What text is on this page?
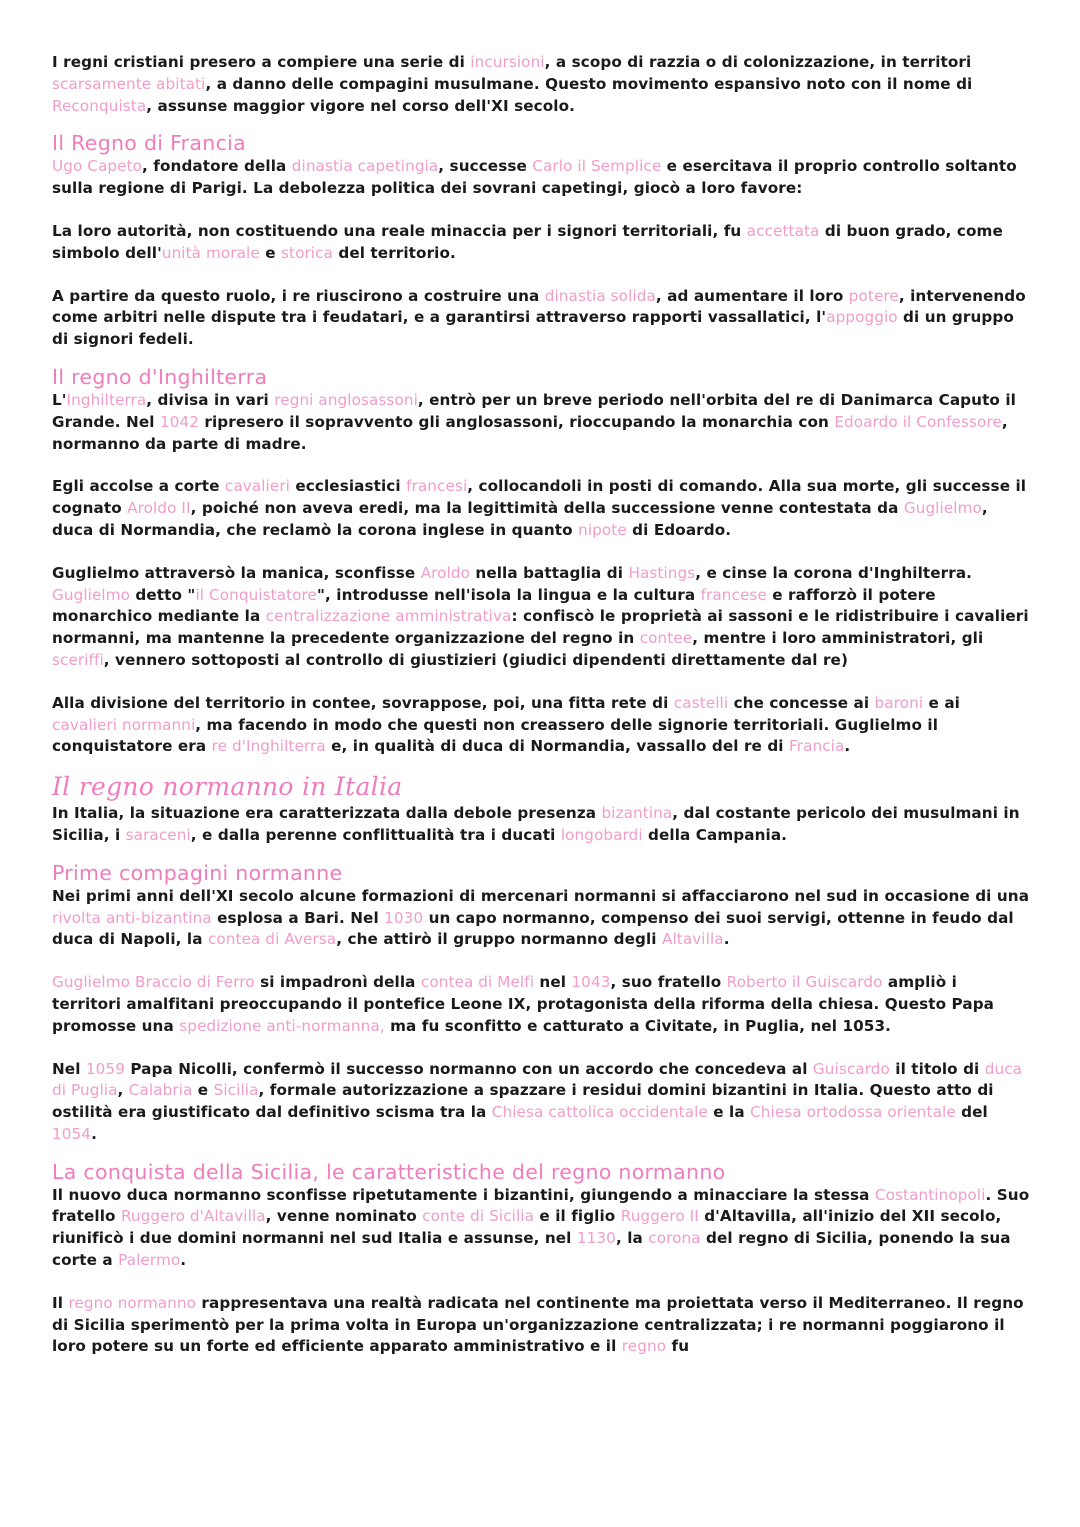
I regni cristiani presero a compiere una serie di incursioni, a scopo di razzia o di colonizzazione, in territori scarsamente abitati, a danno delle compagini musulmane. Questo movimento espansivo noto con il nome di Reconquista, assunse maggior vigore nel corso dell'XI secolo.

Il Regno di Francia

Ugo Capeto, fondatore della dinastia capetingia, successe Carlo il Semplice e esercitava il proprio controllo soltanto sulla regione di Parigi. La debolezza politica dei sovrani capetingi, giocò a loro favore:

La loro autorità, non costituendo una reale minaccia per i signori territoriali, fu accettata di buon grado, come simbolo dell'unità morale e storica del territorio.

A partire da questo ruolo, i re riuscirono a costruire una dinastia solida, ad aumentare il loro potere, intervenendo come arbitri nelle dispute tra i feudatari, e a garantirsi attraverso rapporti vassallatici, l'appoggio di un gruppo di signori fedeli.

Il regno d'Inghilterra

L'Inghilterra, divisa in vari regni anglosassoni, entrò per un breve periodo nell'orbita del re di Danimarca Caputo il Grande. Nel 1042 ripresero il sopravvento gli anglosassoni, rioccupando la monarchia con Edoardo il Confessore, normanno da parte di madre.

Egli accolse a corte cavalieri ecclesiastici francesi, collocandoli in posti di comando. Alla sua morte, gli successe il cognato Aroldo II, poiché non aveva eredi, ma la legittimità della successione venne contestata da Guglielmo, duca di Normandia, che reclamò la corona inglese in quanto nipote di Edoardo.

Guglielmo attraversò la manica, sconfisse Aroldo nella battaglia di Hastings, e cinse la corona d'Inghilterra. Guglielmo detto "il Conquistatore", introdusse nell'isola la lingua e la cultura francese e rafforzò il potere monarchico mediante la centralizzazione amministrativa: confiscò le proprietà ai sassoni e le ridistribuire i cavalieri normanni, ma mantenne la precedente organizzazione del regno in contee, mentre i loro amministratori, gli sceriffi, vennero sottoposti al controllo di giustizieri (giudici dipendenti direttamente dal re)

Alla divisione del territorio in contee, sovrappose, poi, una fitta rete di castelli che concesse ai baroni e ai cavalieri normanni, ma facendo in modo che questi non creassero delle signorie territoriali. Guglielmo il conquistatore era re d'Inghilterra e, in qualità di duca di Normandia, vassallo del re di Francia.

Il regno normanno in Italia

In Italia, la situazione era caratterizzata dalla debole presenza bizantina, dal costante pericolo dei musulmani in Sicilia, i saraceni, e dalla perenne conflittualità tra i ducati longobardi della Campania.

Prime compagini normanne

Nei primi anni dell'XI secolo alcune formazioni di mercenari normanni si affacciarono nel sud in occasione di una rivolta anti-bizantina esplosa a Bari. Nel 1030 un capo normanno, compenso dei suoi servigi, ottenne in feudo dal duca di Napoli, la contea di Aversa, che attirò il gruppo normanno degli Altavilla.

Guglielmo Braccio di Ferro si impadronì della contea di Melfi nel 1043, suo fratello Roberto il Guiscardo ampliò i territori amalfitani preoccupando il pontefice Leone IX, protagonista della riforma della chiesa. Questo Papa promosse una spedizione anti-normanna, ma fu sconfitto e catturato a Civitate, in Puglia, nel 1053.

Nel 1059 Papa Nicolli, confermò il successo normanno con un accordo che concedeva al Guiscardo il titolo di duca di Puglia, Calabria e Sicilia, formale autorizzazione a spazzare i residui domini bizantini in Italia. Questo atto di ostilità era giustificato dal definitivo scisma tra la Chiesa cattolica occidentale e la Chiesa ortodossa orientale del 1054.

La conquista della Sicilia, le caratteristiche del regno normanno

Il nuovo duca normanno sconfisse ripetutamente i bizantini, giungendo a minacciare la stessa Costantinopoli. Suo fratello Ruggero d'Altavilla, venne nominato conte di Sicilia e il figlio Ruggero II d'Altavilla, all'inizio del XII secolo, riunificò i due domini normanni nel sud Italia e assunse, nel 1130, la corona del regno di Sicilia, ponendo la sua corte a Palermo.

Il regno normanno rappresentava una realtà radicata nel continente ma proiettata verso il Mediterraneo. Il regno di Sicilia sperimentò per la prima volta in Europa un'organizzazione centralizzata; i re normanni poggiarono il loro potere su un forte ed efficiente apparato amministrativo e il regno fu
